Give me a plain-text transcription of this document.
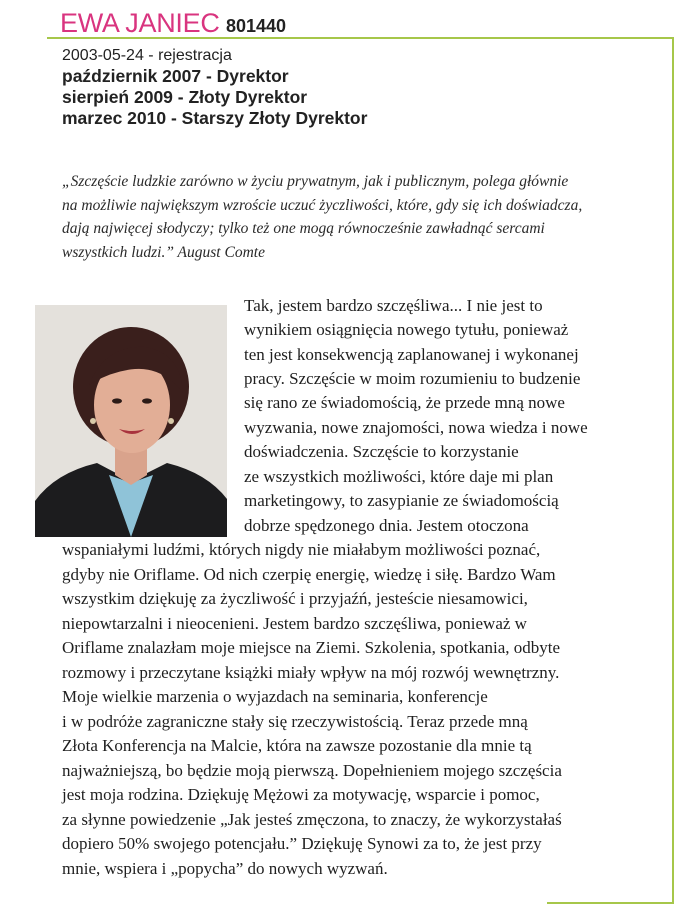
EWA JANIEC 801440
2003-05-24 - rejestracja
październik 2007 - Dyrektor
sierpień 2009 - Złoty Dyrektor
marzec 2010 - Starszy Złoty Dyrektor
„Szczęście ludzkie zarówno w życiu prywatnym, jak i publicznym, polega głównie
na możliwie największym wzroście uczuć życzliwości, które, gdy się ich doświadcza,
dają najwięcej słodyczy; tylko też one mogą równocześnie zawładnąć sercami
wszystkich ludzi.” August Comte
Tak, jestem bardzo szczęśliwa... I nie jest to
wynikiem osiągnięcia nowego tytułu, ponieważ
ten jest konsekwencją zaplanowanej i wykonanej
pracy. Szczęście w moim rozumieniu to budzenie
się rano ze świadomością, że przede mną nowe
wyzwania, nowe znajomości, nowa wiedza i nowe
doświadczenia. Szczęście to korzystanie
ze wszystkich możliwości, które daje mi plan
marketingowy, to zasypianie ze świadomością
dobrze spędzonego dnia. Jestem otoczona
wspaniałymi ludźmi, których nigdy nie miałabym możliwości poznać,
gdyby nie Oriflame. Od nich czerpię energię, wiedzę i siłę. Bardzo Wam
wszystkim dziękuję za życzliwość i przyjaźń, jesteście niesamowici,
niepowtarzalni i nieocenieni. Jestem bardzo szczęśliwa, ponieważ w
Oriflame znalazłam moje miejsce na Ziemi. Szkolenia, spotkania, odbyte
rozmowy i przeczytane książki miały wpływ na mój rozwój wewnętrzny.
Moje wielkie marzenia o wyjazdach na seminaria, konferencje
i w podróże zagraniczne stały się rzeczywistością. Teraz przede mną
Złota Konferencja na Malcie, która na zawsze pozostanie dla mnie tą
najważniejszą, bo będzie moją pierwszą. Dopełnieniem mojego szczęścia
jest moja rodzina. Dziękuję Mężowi za motywację, wsparcie i pomoc,
za słynne powiedzenie „Jak jesteś zmęczona, to znaczy, że wykorzystałaś
dopiero 50% swojego potencjału.” Dziękuję Synowi za to, że jest przy
mnie, wspiera i „popycha” do nowych wyzwań.
